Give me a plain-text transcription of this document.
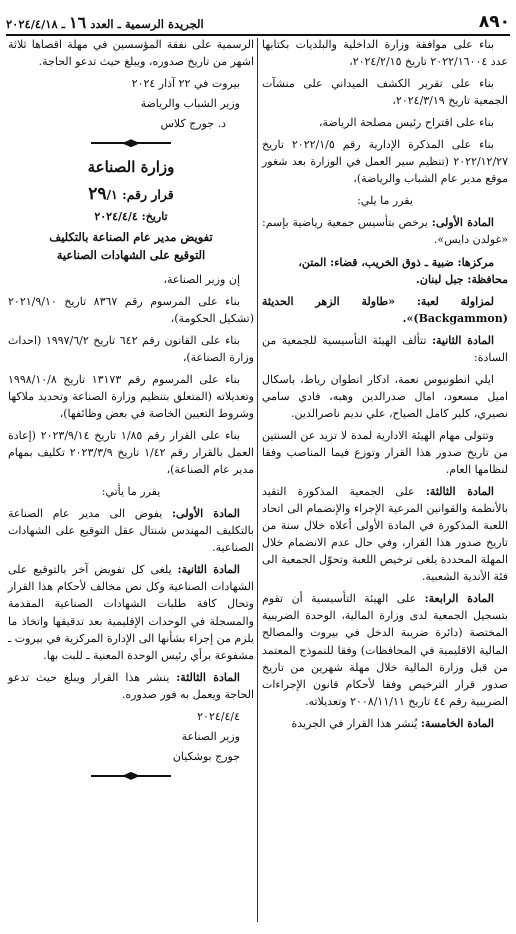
٨٩٠
الجريدة الرسمية ـ العدد ١٦ ـ ٢٠٢٤/٤/١٨

بناء على موافقة وزارة الداخلية والبلديات بكتابها عدد ٢٠٢٢/١٦٠٠٤ تاريخ ٢٠٢٤/٢/١٥،

بناء على تقرير الكشف الميداني على منشآت الجمعية تاريخ ٢٠٢٤/٣/١٩،

بناء على اقتراح رئيس مصلحة الرياضة،

بناء على المذكرة الإدارية رقم ٢٠٢٢/١/٥ تاريخ ٢٠٢٢/١٢/٢٧ (تنظيم سير العمل في الوزارة بعد شغور موقع مدير عام الشباب والرياضة)،

يقرر ما يلي:

المادة الأولى: يرخص بتأسيس جمعية رياضية بإسم: «غولدن دايس».

مركزها: ضبية ـ ذوق الخريب، قضاء: المتن،
محافظة: جبل لبنان.

لمزاولة لعبة: «طاولة الزهر الحديثة (Backgammon)».

المادة الثانية: تتألف الهيئة التأسيسية للجمعية من السادة:

ايلي انطونيوس نعمة، ادكار انطوان رياط، باسكال اميل مسعود، امال صدرالدين وهبه، فادي سامي نصيري، كلير كامل الصياح، علي نديم ناصرالدين.

وتتولى مهام الهيئة الادارية لمدة لا تزيد عن السنتين من تاريخ صدور هذا القرار وتوزع فيما المناصب وفقا لنظامها العام.

المادة الثالثة: على الجمعية المذكورة التقيد بالأنظمة والقوانين المرعية الإجراء والإنضمام الى اتحاد اللعبة المذكورة في المادة الأولى أعلاه خلال سنة من تاريخ صدور هذا القرار، وفي حال عدم الانضمام خلال المهلة المحددة يلغى ترخيص اللعبة وتحوّل الجمعية الى فئة الأندية الشعبية.

المادة الرابعة: على الهيئة التأسيسية أن تقوم بتسجيل الجمعية لدى وزارة المالية، الوحدة الضريبية المختصة (دائرة ضريبة الدخل في بيروت والمصالح المالية الاقليمية في المحافظات) وفقا للنموذج المعتمد من قبل وزارة المالية خلال مهلة شهرين من تاريخ صدور قرار الترخيص وفقا لأحكام قانون الإجراءات الضريبية رقم ٤٤ تاريخ ٢٠٠٨/١١/١١ وتعديلاته.

المادة الخامسة: يُنشر هذا القرار في الجريدة

الرسمية على نفقة المؤسسين في مهلة اقصاها ثلاثة اشهر من تاريخ صدوره، ويبلغ حيث تدعو الحاجة.

بيروت في ٢٢ آذار ٢٠٢٤

وزير الشباب والرياضة

د. جورج كلاس

وزارة الصناعة
قرار رقم: ٢٩/١
تاريخ: ٢٠٢٤/٤/٤
تفويض مدير عام الصناعة بالتكليف
التوقيع على الشهادات الصناعية

إن وزير الصناعة،

بناء على المرسوم رقم ٨٣٦٧ تاريخ ٢٠٢١/٩/١٠ (تشكيل الحكومة)،

بناء على القانون رقم ٦٤٢ تاريخ ١٩٩٧/٦/٢ (احداث وزارة الصناعة)،

بناء على المرسوم رقم ١٣١٧٣ تاريخ ١٩٩٨/١٠/٨ وتعديلاته (المتعلق بتنظيم وزارة الصناعة وتحديد ملاكها وشروط التعيين الخاصة في بعض وظائفها)،

بناء على القرار رقم ١/٨٥ تاريخ ٢٠٢٣/٩/١٤ (إعادة العمل بالقرار رقم ١/٤٢ تاريخ ٢٠٢٣/٣/٩ تكليف بمهام مدير عام الصناعة)،

يقرر ما يأتي:

المادة الأولى: يفوض الى مدير عام الصناعة بالتكليف المهندس شنتال عقل التوقيع على الشهادات الصناعية.

المادة الثانية: يلغى كل تفويض آخر بالتوقيع على الشهادات الصناعية وكل نص مخالف لأحكام هذا القرار وتحال كافة طلبات الشهادات الصناعية المقدمة والمسجلة في الوحدات الإقليمية بعد تدقيقها واتخاذ ما يلزم من إجراء بشأنها الى الإدارة المركزية في بيروت ـ مشفوعة برأي رئيس الوحدة المعنية ـ للبت بها.

المادة الثالثة: ينشر هذا القرار ويبلغ حيث تدعو الحاجة ويعمل به فور صدوره.

٢٠٢٤/٤/٤

وزير الصناعة

جورج بوشكيان
